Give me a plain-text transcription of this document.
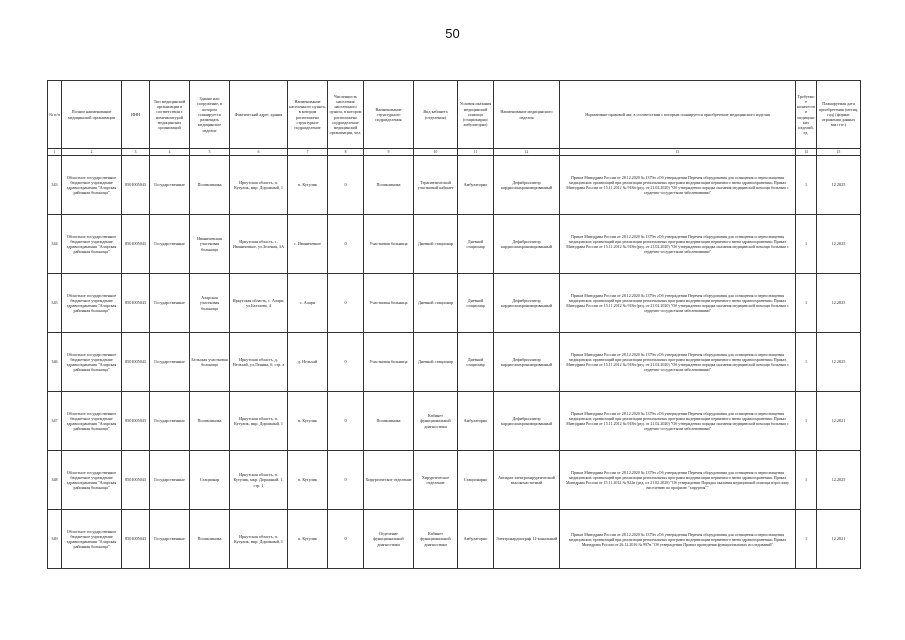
50
№ п/п	Полное наименование медицинской организации	ИНН	Тип медицинской организации в соответствии с номенклатурой медицинских организаций	Здание или сооружение, в котором планируется размещать медицинское изделие	Фактический адрес здания	Наименование населенного пункта, в котором расположено структурное подразделение	Численность населения населенного пункта, в котором расположено подразделение медицинской организации, чел.	Наименование структурного подразделения	Вид кабинета (отделения)	Условия оказания медицинской помощи (стационарно/амбулаторно)	Наименование медицинского изделия	Нормативно-правовой акт, в соответствии с которым планируется приобретение медицинского изделия	Требуемое количество медицинских изделий, ед.	Планируемая дата приобретения (месяц, год) (формат отражения данных мм.гггг.)
1	2	3	4	5	6	7	8	9	10	11	12	13	14	15
343	Областное государственное бюджетное учреждение здравоохранения "Аларская районная больница"	8501005043	Государственные	Поликлиника	Иркутская область, п. Кутулик, мкр. Дорожный, 1	п. Кутулик	0	Поликлиника	Терапевтический участковый кабинет	Амбулаторно	Дефибриллятор кардиосинхронизированный	Приказ Минздрава России от 28.12.2020 № 1379н «Об утверждении Перечня оборудования для оснащения и переоснащения медицинских организаций при реализации региональных программ модернизации первичного звена здравоохранения» Приказ Минздрава России от 15.11.2012 № 918н (ред. от 21.02.2020) "Об утверждении порядка оказания медицинской помощи больным с сердечно-сосудистыми заболеваниями"	1	12.2025
344	Областное государственное бюджетное учреждение здравоохранения "Аларская районная больница"	8501005043	Государственные	Иваничевская участковая больница	Иркутская область, с. Иваничевкое, ул.Зеленая, 3А	с. Иваничевкое	0	Участковая больница	Дневной стационар	Дневной стационар	Дефибриллятор кардиосинхронизированный	Приказ Минздрава России от 28.12.2020 № 1379н «Об утверждении Перечня оборудования для оснащения и переоснащения медицинских организаций при реализации региональных программ модернизации первичного звена здравоохранения» Приказ Минздрава России от 15.11.2012 № 918н (ред. от 21.02.2020) "Об утверждении порядка оказания медицинской помощи больным с сердечно-сосудистыми заболеваниями"	1	12.2025
345	Областное государственное бюджетное учреждение здравоохранения "Аларская районная больница"	8501005043	Государственные	Аларская участковая больница	Иркутская область, с. Алари, ул.Бахтаева, 4	с. Алари	0	Участковая больница	Дневной стационар	Дневной стационар	Дефибриллятор кардиосинхронизированный	Приказ Минздрава России от 28.12.2020 № 1379н «Об утверждении Перечня оборудования для оснащения и переоснащения медицинских организаций при реализации региональных программ модернизации первичного звена здравоохранения» Приказ Минздрава России от 15.11.2012 № 918н (ред. от 21.02.2020) "Об утверждении порядка оказания медицинской помощи больным с сердечно-сосудистыми заболеваниями"	1	12.2025
346	Областное государственное бюджетное учреждение здравоохранения "Аларская районная больница"	8501005043	Государственные	Бельская участковая больница	Иркутская область, д. Нельхай, ул.Ленина, 6, стр. а	д. Нельхай	0	Участковая больница	Дневной стационар	Дневной стационар	Дефибриллятор кардиосинхронизированный	Приказ Минздрава России от 28.12.2020 № 1379н «Об утверждении Перечня оборудования для оснащения и переоснащения медицинских организаций при реализации региональных программ модернизации первичного звена здравоохранения» Приказ Минздрава России от 15.11.2012 № 918н (ред. от 21.02.2020) "Об утверждении порядка оказания медицинской помощи больным с сердечно-сосудистыми заболеваниями"	1	12.2025
347	Областное государственное бюджетное учреждение здравоохранения "Аларская районная больница"	8501005043	Государственные	Поликлиника	Иркутская область, п. Кутулик, мкр. Дорожный, 1	п. Кутулик	0	Поликлиника	Кабинет функциональной диагностики	Амбулаторно	Дефибриллятор кардиосинхронизированный	Приказ Минздрава России от 28.12.2020 № 1379н «Об утверждении Перечня оборудования для оснащения и переоснащения медицинских организаций при реализации региональных программ модернизации первичного звена здравоохранения» Приказ Минздрава России от 15.11.2012 № 918н (ред. от 21.02.2020) "Об утверждении порядка оказания медицинской помощи больным с сердечно-сосудистыми заболеваниями"	1	12.2021
348	Областное государственное бюджетное учреждение здравоохранения "Аларская районная больница"	8501005043	Государственные	Стационар	Иркутская область, п. Кутулик, мкр. Дорожный, 1, стр. 1	п. Кутулик	0	Хирургическое отделение	Хирургическое отделение	Стационарно	Аппарат электрохирургический высокочастотный	Приказ Минздрава России от 28.12.2020 № 1379н «Об утверждении Перечня оборудования для оснащения и переоснащения медицинских организаций при реализации региональных программ модернизации первичного звена здравоохранения» Приказ Минздрава России от 15.11.2012 № 922н (ред. от 21.02.2020) "Об утверждении Порядка оказания медицинской помощи взрослому населению по профилю "хирургия""	1	12.2025
349	Областное государственное бюджетное учреждение здравоохранения "Аларская районная больница"	8501005043	Государственные	Поликлиника	Иркутская область, п. Кутулик, мкр. Дорожный, 1	п. Кутулик	0	Отделение функциональной диагностики	Кабинет функциональной диагностики	Амбулаторно	Электрокардиограф 12-канальный	Приказ Минздрава России от 28.12.2020 № 1379н «Об утверждении Перечня оборудования для оснащения и переоснащения медицинских организаций при реализации региональных программ модернизации первичного звена здравоохранения» Приказ Минздрава России от 26.12.2016 № 997н "Об утверждении Правил проведения функциональных исследований"	1	12.2021
